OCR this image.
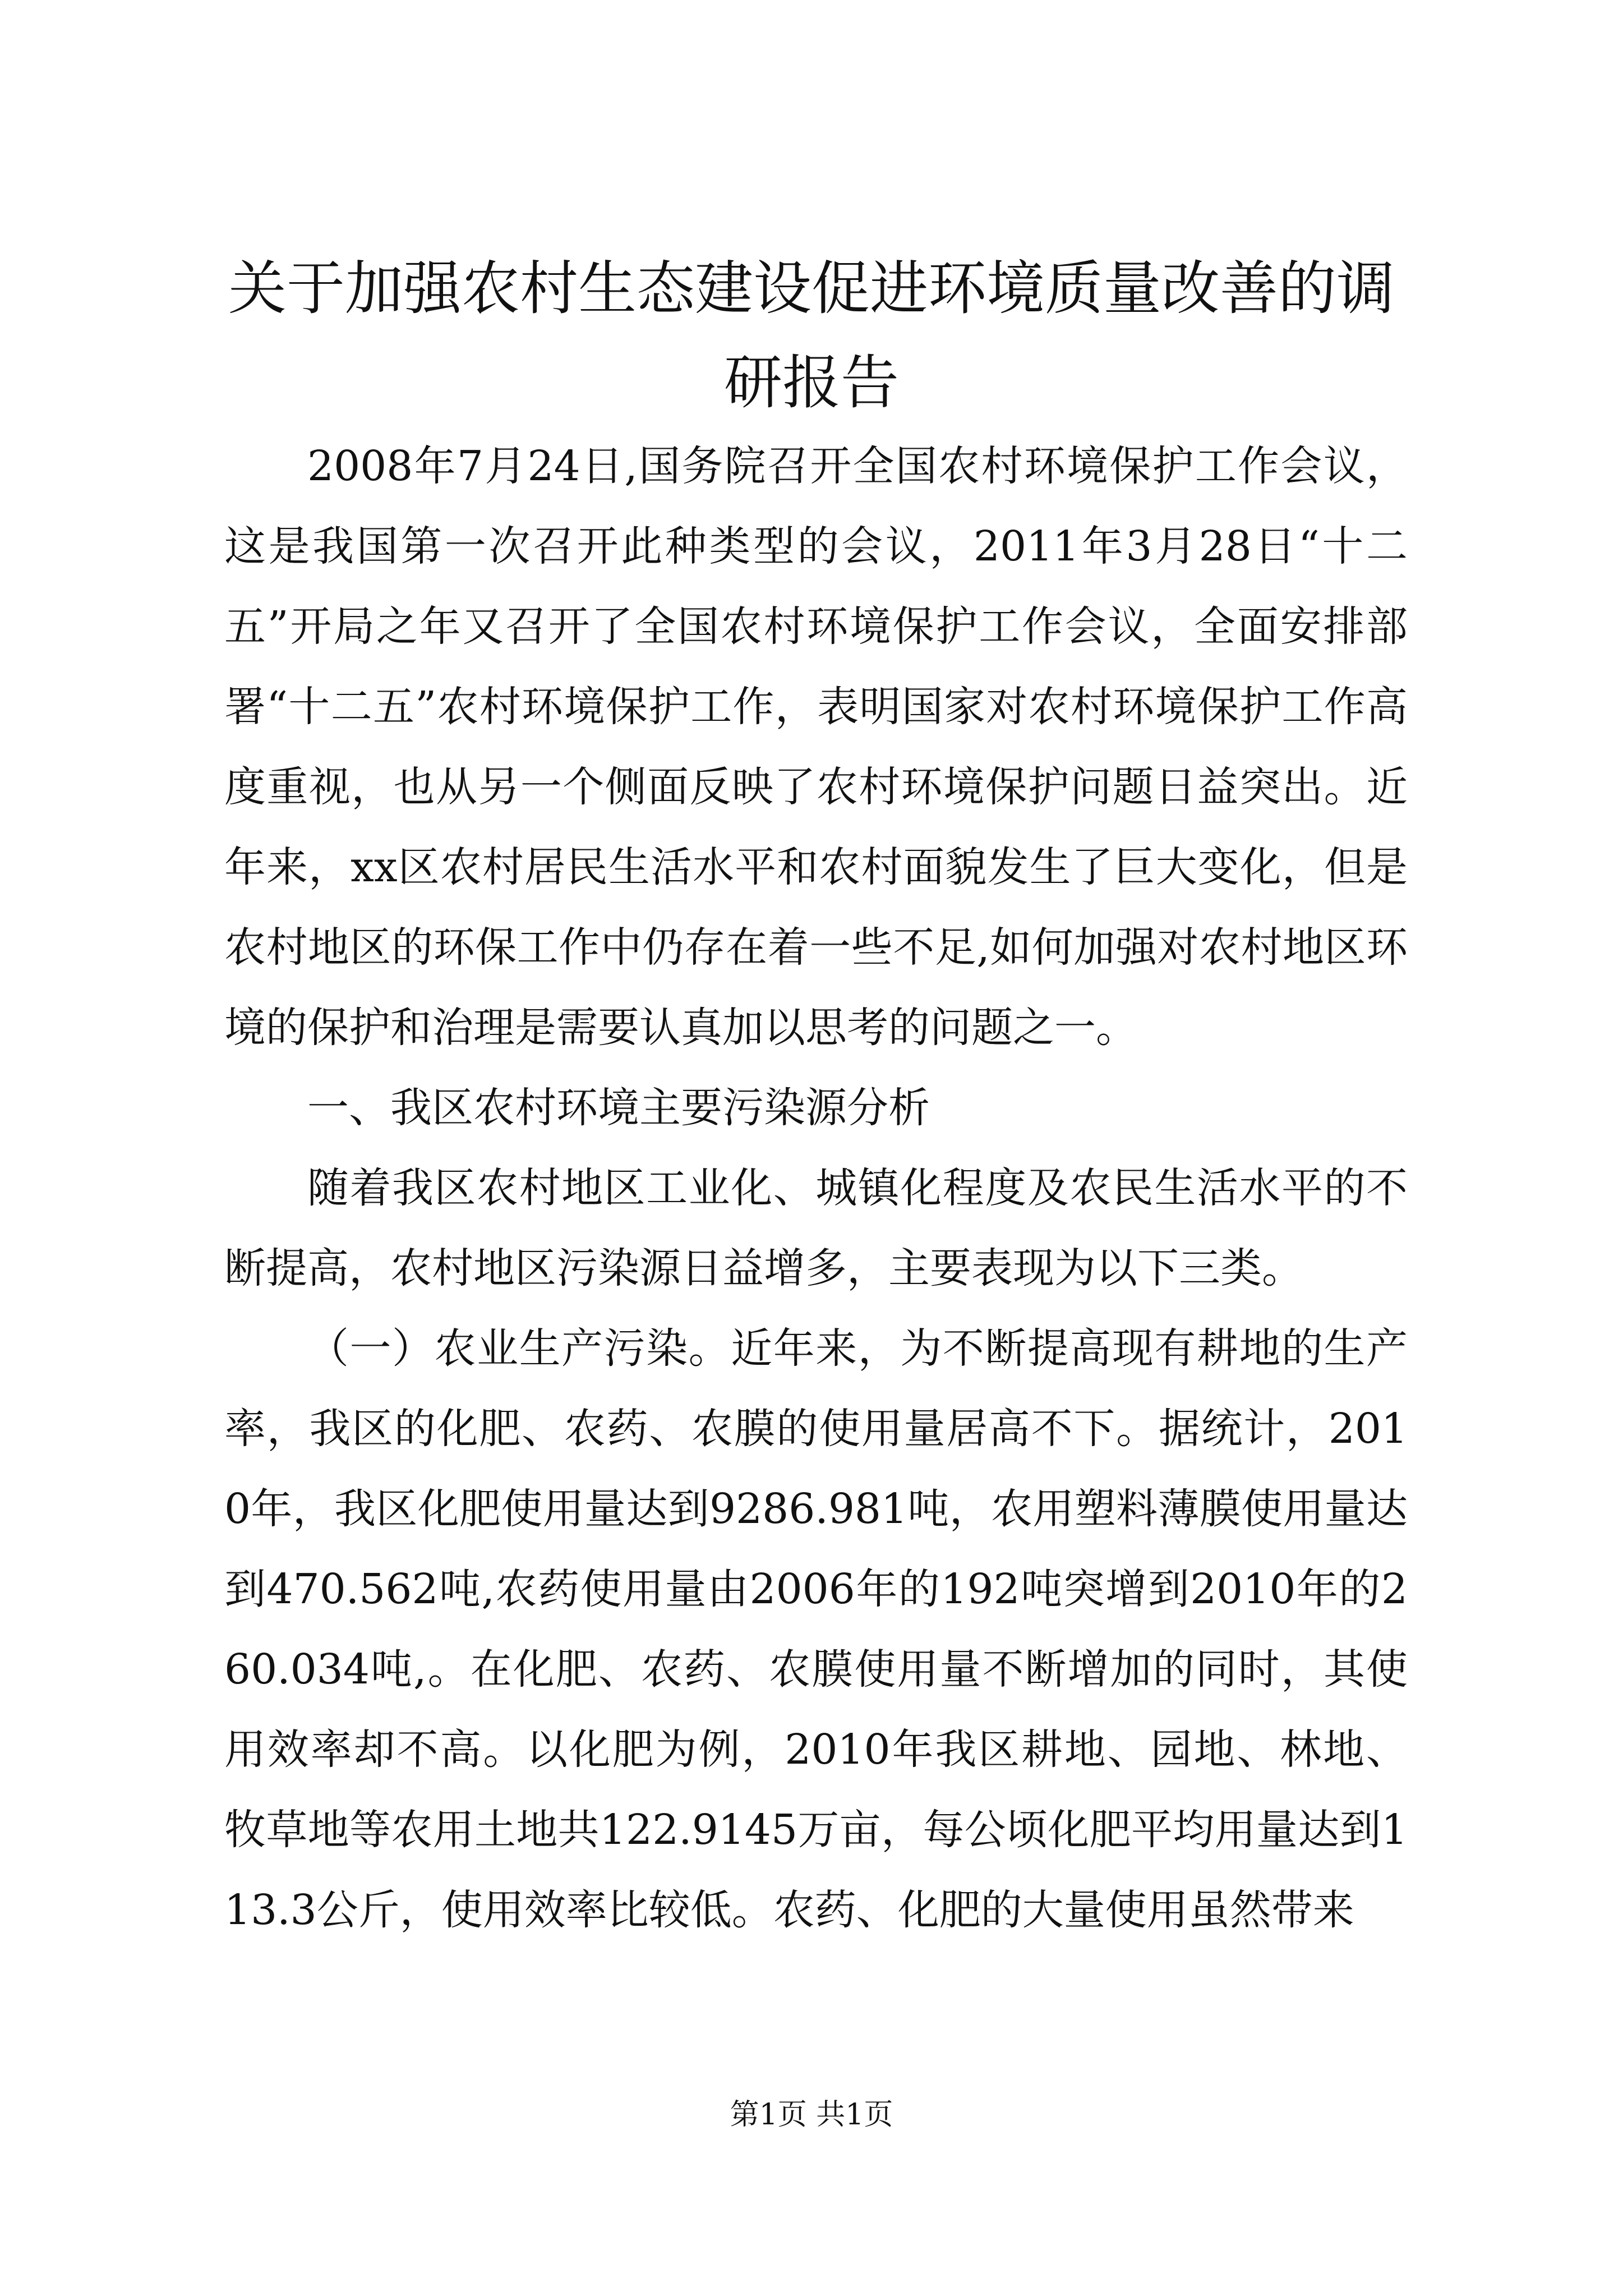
关于加强农村生态建设促进环境质量改善的调研报告

2008年7月24日,国务院召开全国农村环境保护工作会议，这是我国第一次召开此种类型的会议，2011年3月28日“十二五”开局之年又召开了全国农村环境保护工作会议，全面安排部署“十二五”农村环境保护工作，表明国家对农村环境保护工作高度重视，也从另一个侧面反映了农村环境保护问题日益突出。近年来，xx区农村居民生活水平和农村面貌发生了巨大变化，但是农村地区的环保工作中仍存在着一些不足,如何加强对农村地区环境的保护和治理是需要认真加以思考的问题之一。

一、我区农村环境主要污染源分析

随着我区农村地区工业化、城镇化程度及农民生活水平的不断提高，农村地区污染源日益增多，主要表现为以下三类。

（一）农业生产污染。近年来，为不断提高现有耕地的生产率，我区的化肥、农药、农膜的使用量居高不下。据统计，2010年，我区化肥使用量达到9286.981吨，农用塑料薄膜使用量达到470.562吨,农药使用量由2006年的192吨突增到2010年的260.034吨,。在化肥、农药、农膜使用量不断增加的同时，其使用效率却不高。以化肥为例，2010年我区耕地、园地、林地、牧草地等农用土地共122.9145万亩，每公顷化肥平均用量达到113.3公斤，使用效率比较低。农药、化肥的大量使用虽然带来

第1页 共1页
